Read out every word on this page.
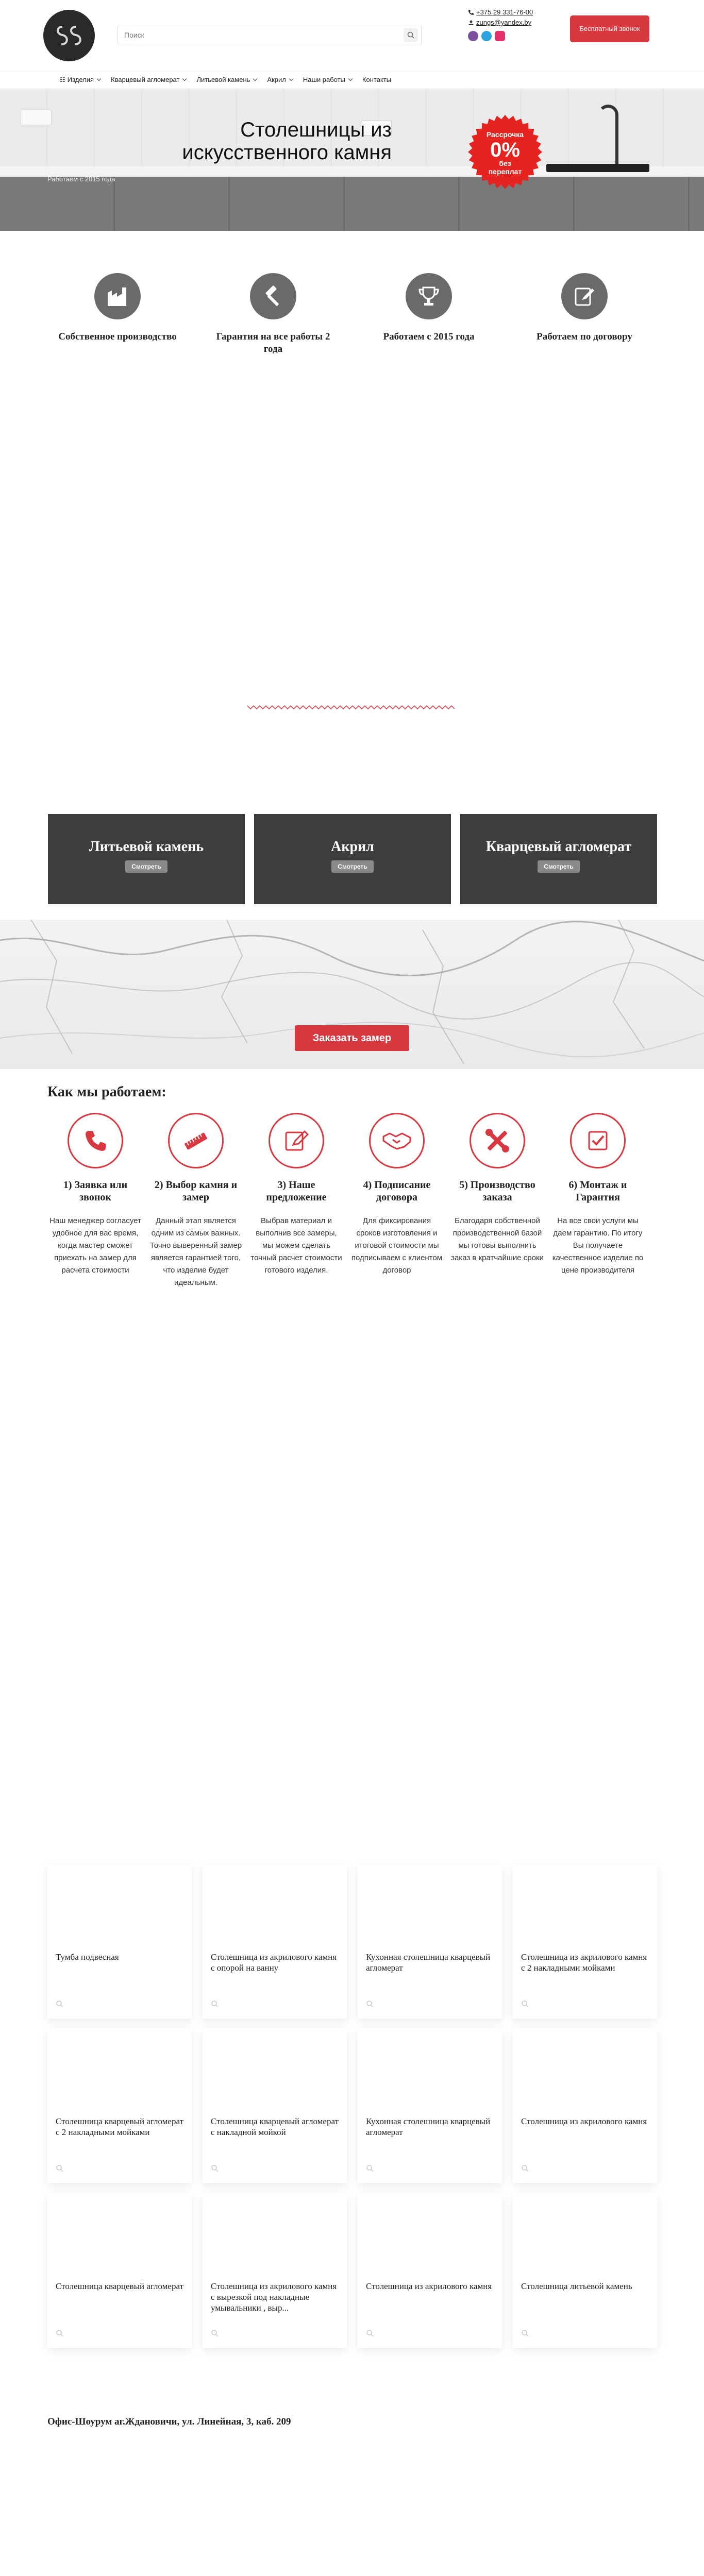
Поиск
+375 29 331-76-00
zungs@yandex.by
Бесплатный звонок
☷ Изделия	Кварцевый агломерат	Литьевой камень	Акрил	Наши работы	Контакты
Столешницы из искусственного камня
Работаем с 2015 года
Рассрочка
0%
без
переплат
Собственное производство	Гарантия на все работы 2 года
Работаем с 2015 года	Работаем по договору
Литьевой камень
Смотреть
Акрил
Смотреть
Кварцевый агломерат
Смотреть
Заказать замер
Как мы работаем:
1) Заявка или звонок
Наш менеджер согласует удобное для вас время, когда мастер сможет приехать на замер для расчета стоимости
2) Выбор камня и замер
Данный этап является одним из самых важных. Точно выверенный замер является гарантией того, что изделие будет идеальным.
3) Наше предложение
Выбрав материал и выполнив все замеры, мы можем сделать точный расчет стоимости готового изделия.
4) Подписание договора
Для фиксирования сроков изготовления и итоговой стоимости мы подписываем с клиентом договор
5) Производство заказа
Благодаря собственной производственной базой мы готовы выполнить заказ в кратчайшие сроки
6) Монтаж и Гарантия
На все свои услуги мы даем гарантию. По итогу Вы получаете качественное изделие по цене производителя
Тумба подвесная	Столешница из акрилового камня с опорой на ванну
Кухонная столешница кварцевый агломерат
Столешница из акрилового камня с 2 накладными мойками
Столешница кварцевый агломерат с 2 накладными мойками
Столешница кварцевый агломерат с накладной мойкой
Кухонная столешница кварцевый агломерат
Столешница из акрилового камня
Столешница кварцевый агломерат	Столешница из акрилового камня с вырезкой под накладные умывальники , выр...
Столешница из акрилового камня	Столешница литьевой камень
Офис-Шоурум аг.Ждановичи, ул. Линейная, 3, каб. 209
